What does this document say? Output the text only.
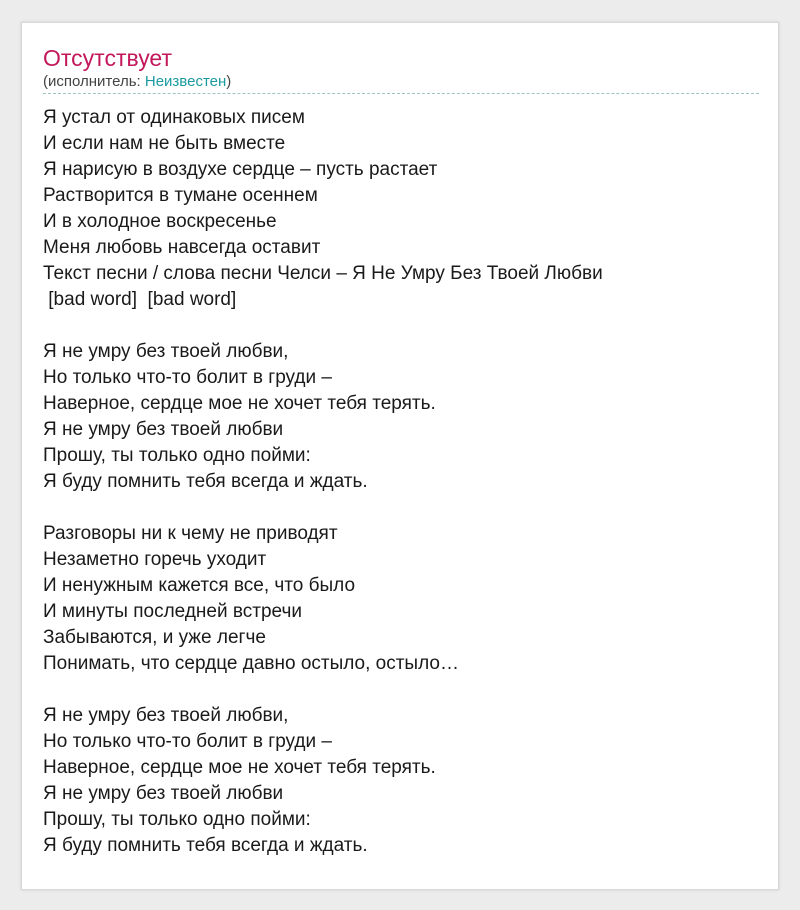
Отсутствует
(исполнитель: Неизвестен)
Я устал от одинаковых писем
И если нам не быть вместе
Я нарисую в воздухе сердце – пусть растает
Растворится в тумане осеннем
И в холодное воскресенье
Меня любовь навсегда оставит
Текст песни / слова песни Челси – Я Не Умру Без Твоей Любви
[bad word]  [bad word]
Я не умру без твоей любви,
Но только что-то болит в груди –
Наверное, сердце мое не хочет тебя терять.
Я не умру без твоей любви
Прошу, ты только одно пойми:
Я буду помнить тебя всегда и ждать.
Разговоры ни к чему не приводят
Незаметно горечь уходит
И ненужным кажется все, что было
И минуты последней встречи
Забываются, и уже легче
Понимать, что сердце давно остыло, остыло…
Я не умру без твоей любви,
Но только что-то болит в груди –
Наверное, сердце мое не хочет тебя терять.
Я не умру без твоей любви
Прошу, ты только одно пойми:
Я буду помнить тебя всегда и ждать.
